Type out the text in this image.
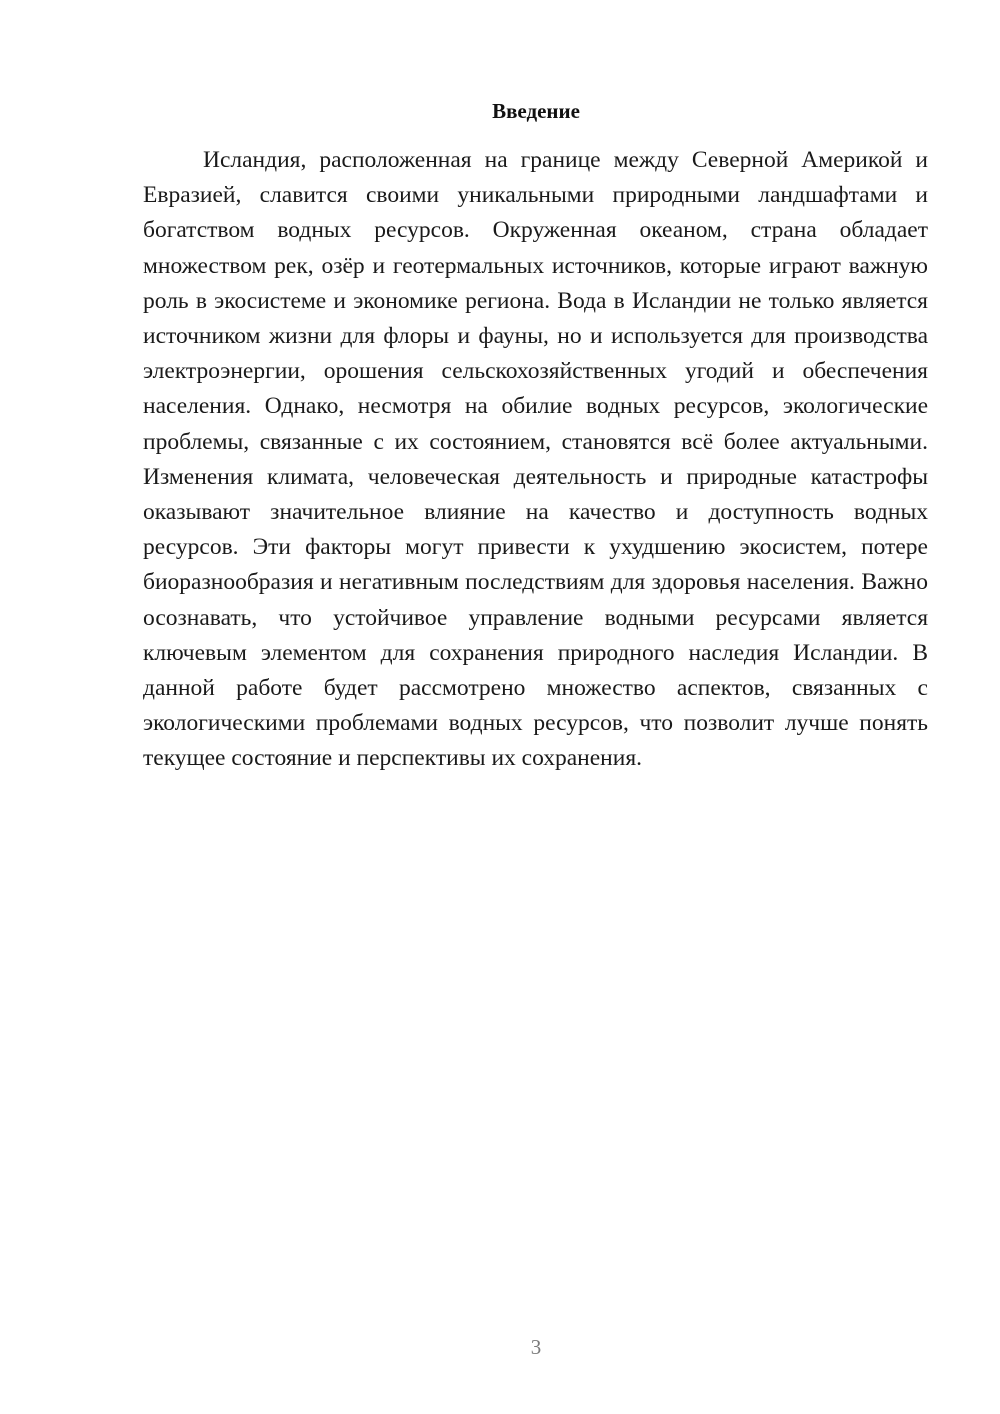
Введение

Исландия, расположенная на границе между Северной Америкой и Евразией, славится своими уникальными природными ландшафтами и богатством водных ресурсов. Окруженная океаном, страна обладает множеством рек, озёр и геотермальных источников, которые играют важную роль в экосистеме и экономике региона. Вода в Исландии не только является источником жизни для флоры и фауны, но и используется для производства электроэнергии, орошения сельскохозяйственных угодий и обеспечения населения. Однако, несмотря на обилие водных ресурсов, экологические проблемы, связанные с их состоянием, становятся всё более актуальными. Изменения климата, человеческая деятельность и природные катастрофы оказывают значительное влияние на качество и доступность водных ресурсов. Эти факторы могут привести к ухудшению экосистем, потере биоразнообразия и негативным последствиям для здоровья населения. Важно осознавать, что устойчивое управление водными ресурсами является ключевым элементом для сохранения природного наследия Исландии. В данной работе будет рассмотрено множество аспектов, связанных с экологическими проблемами водных ресурсов, что позволит лучше понять текущее состояние и перспективы их сохранения.

3
